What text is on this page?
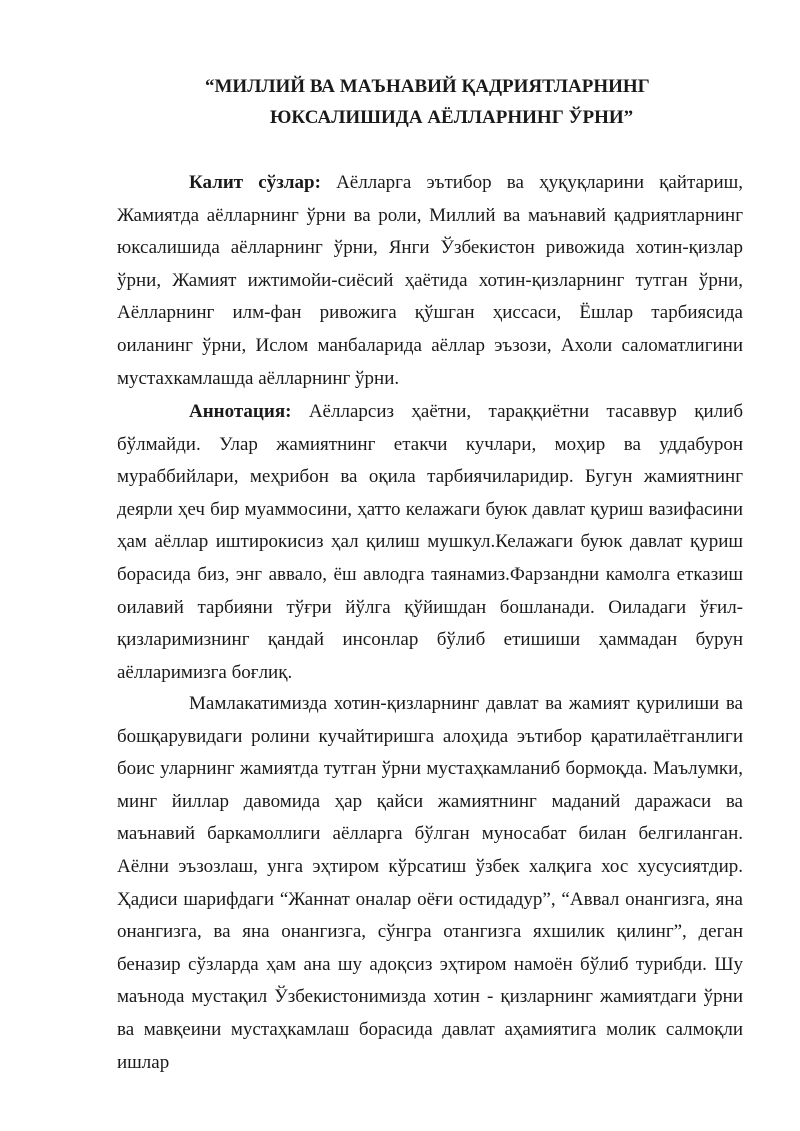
“МИЛЛИЙ ВА МАЪНАВИЙ ҚАДРИЯТЛАРНИНГ
ЮКСАЛИШИДА АЁЛЛАРНИНГ ЎРНИ”

Калит сўзлар: Аёлларга эътибор ва ҳуқуқларини қайтариш, Жамиятда аёлларнинг ўрни ва роли, Миллий ва маънавий қадриятларнинг юксалишида аёлларнинг ўрни, Янги Ўзбекистон ривожида хотин-қизлар ўрни, Жамият ижтимойи-сиёсий ҳаётида хотин-қизларнинг тутган ўрни, Аёлларнинг илм-фан ривожига қўшган ҳиссаси, Ёшлар тарбиясида оиланинг ўрни, Ислом манбаларида аёллар эъзози, Ахоли саломатлигини мустахкамлашда аёлларнинг ўрни.

Аннотация: Аёлларсиз ҳаётни, тараққиётни тасаввур қилиб бўлмайди. Улар жамиятнинг етакчи кучлари, моҳир ва уддабурон мураббийлари, меҳрибон ва оқила тарбиячиларидир. Бугун жамиятнинг деярли ҳеч бир муаммосини, ҳатто келажаги буюк давлат қуриш вазифасини ҳам аёллар иштирокисиз ҳал қилиш мушкул.Келажаги буюк давлат қуриш борасида биз, энг аввало, ёш авлодга таянамиз.Фарзандни камолга етказиш оилавий тарбияни тўғри йўлга қўйишдан бошланади. Оиладаги ўғил-қизларимизнинг қандай инсонлар бўлиб етишиши ҳаммадан бурун аёлларимизга боғлиқ.

Мамлакатимизда хотин-қизларнинг давлат ва жамият қурилиши ва бошқарувидаги ролини кучайтиришга алоҳида эътибор қаратилаётганлиги боис уларнинг жамиятда тутган ўрни мустаҳкамланиб бормоқда. Маълумки, минг йиллар давомида ҳар қайси жамиятнинг маданий даражаси ва маънавий баркамоллиги аёлларга бўлган муносабат билан белгиланган. Аёлни эъзозлаш, унга эҳтиром кўрсатиш ўзбек халқига хос хусусиятдир. Ҳадиси шарифдаги “Жаннат оналар оёғи остидадур”, “Аввал онангизга, яна онангизга, ва яна онангизга, сўнгра отангизга яхшилик қилинг”, деган беназир сўзларда ҳам ана шу адоқсиз эҳтиром намоён бўлиб турибди. Шу маънода мустақил Ўзбекистонимизда хотин - қизларнинг жамиятдаги ўрни ва мавқеини мустаҳкамлаш борасида давлат аҳамиятига молик салмоқли ишлар
